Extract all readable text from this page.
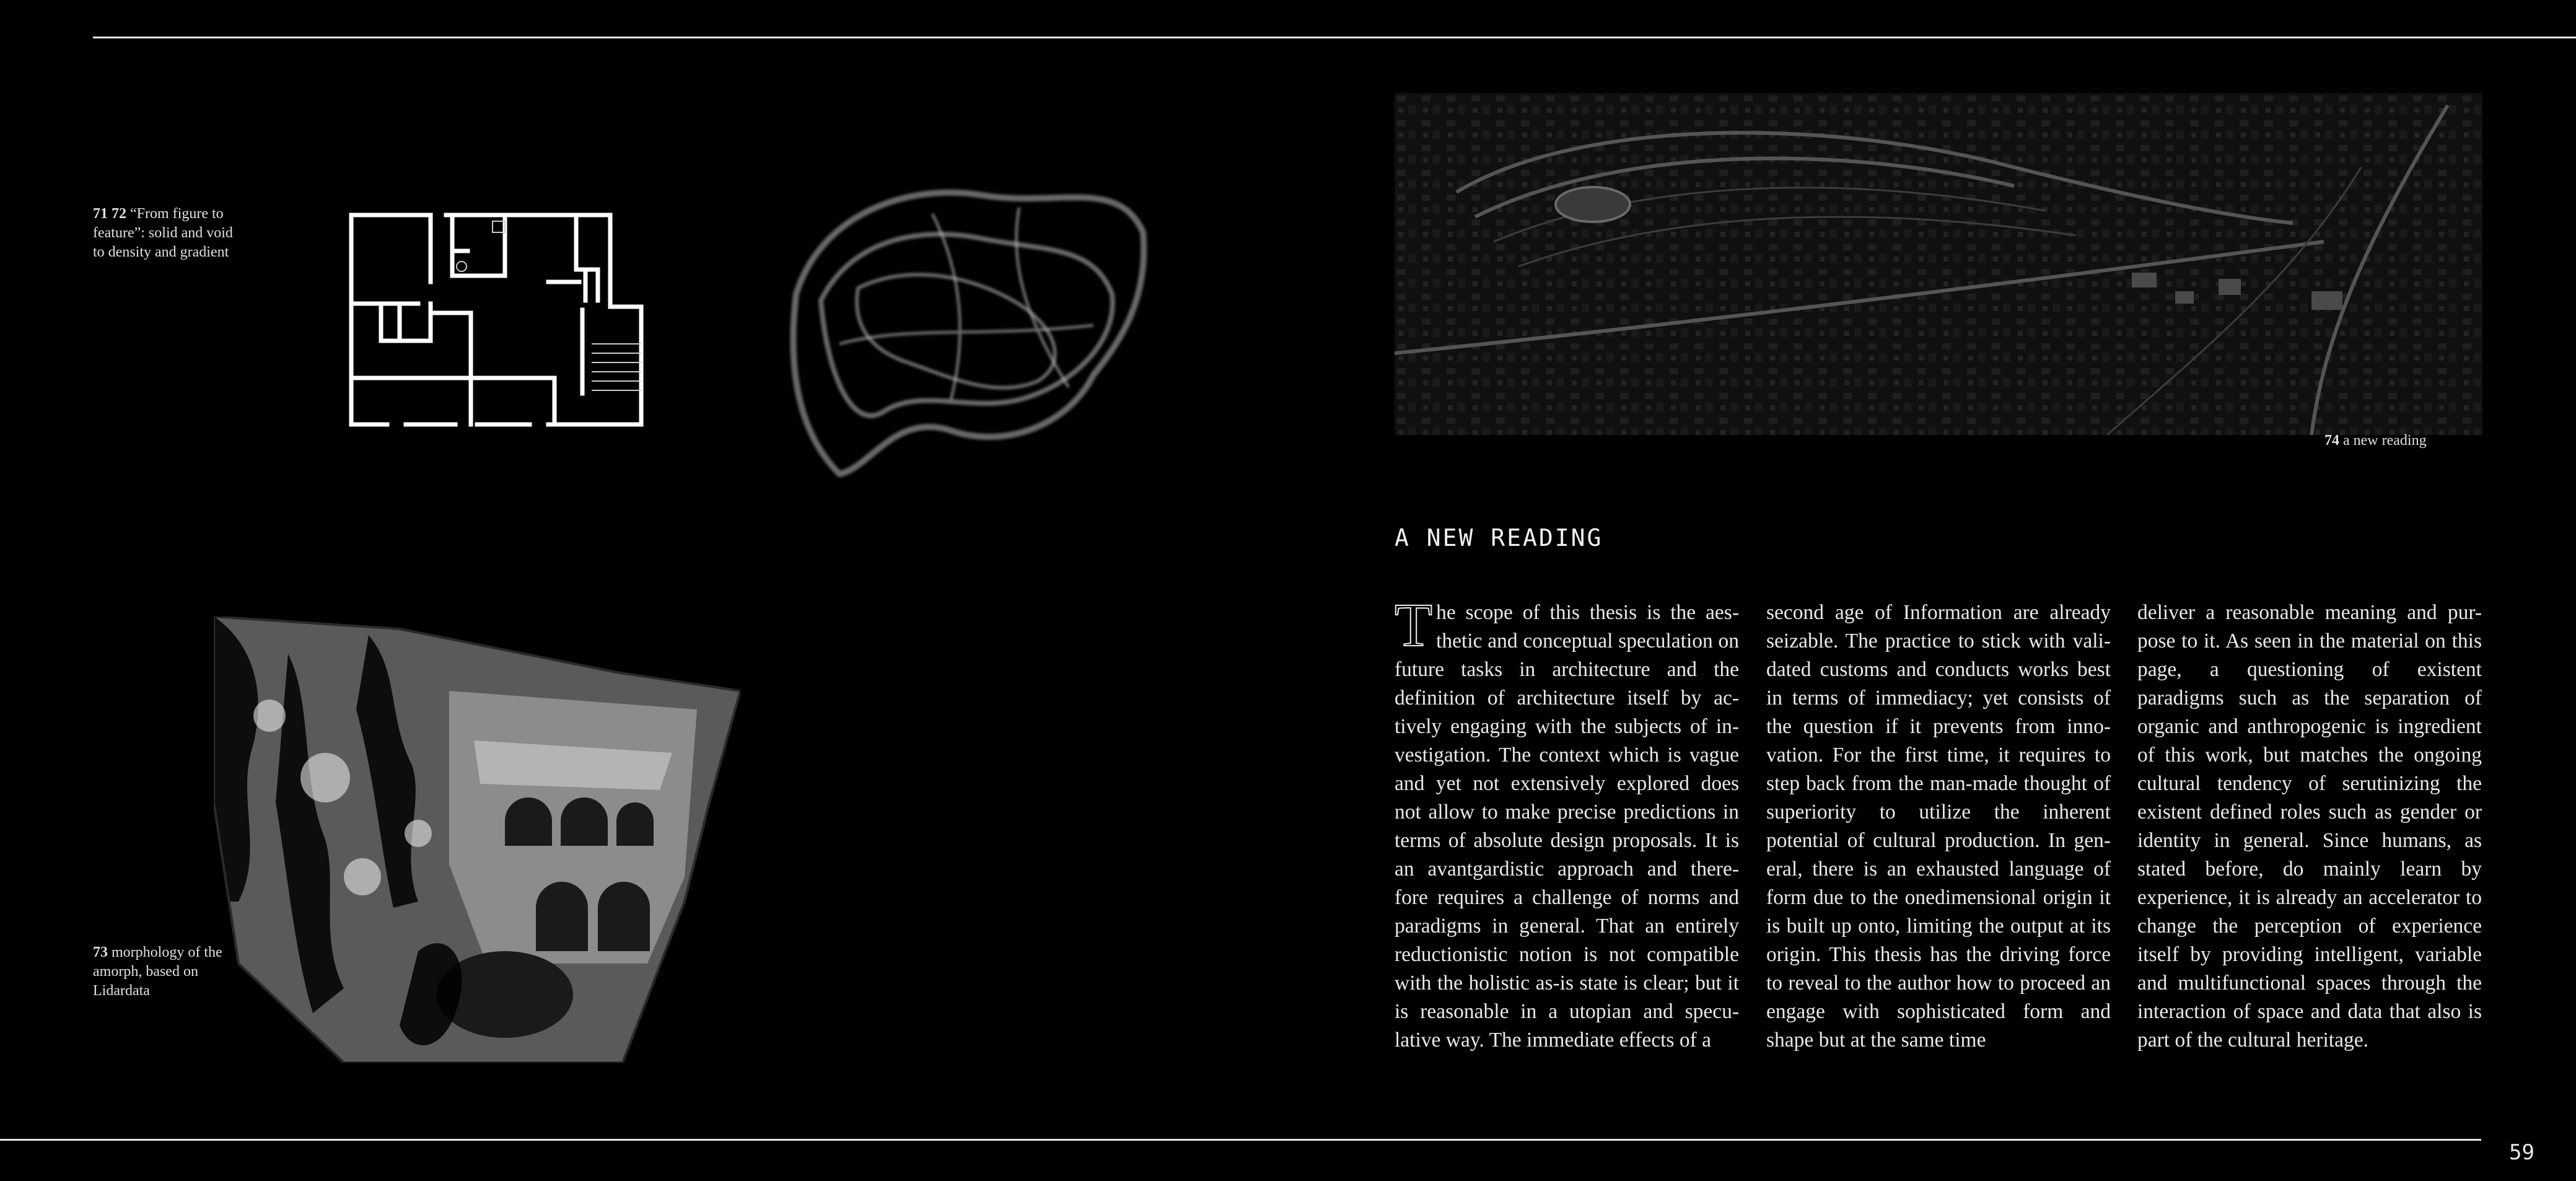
71 72 “From figure to feature”: solid and void to density and gradient
73 morphology of the amorph, based on Lidardata
74 a new reading
A NEW READING
The scope of this thesis is the aes-thetic and conceptual speculation on future tasks in architecture and the definition of architecture itself by ac-tively engaging with the subjects of in-vestigation. The context which is vague and yet not extensively explored does not allow to make precise predictions in terms of absolute design proposals. It is an avantgardistic approach and there-fore requires a challenge of norms and paradigms in general. That an entirely reductionistic notion is not compatible with the holistic as-is state is clear; but it is reasonable in a utopian and specu-lative way. The immediate effects of a
second age of Information are already seizable. The practice to stick with vali-dated customs and conducts works best in terms of immediacy; yet consists of the question if it prevents from inno-vation. For the first time, it requires to step back from the man-made thought of superiority to utilize the inherent potential of cultural production. In gen-eral, there is an exhausted language of form due to the onedimensional origin it is built up onto, limiting the output at its origin. This thesis has the driving force to reveal to the author how to proceed an engage with sophisticated form and shape but at the same time
deliver a reasonable meaning and pur-pose to it. As seen in the material on this page, a questioning of existent paradigms such as the separation of organic and anthropogenic is ingredient of this work, but matches the ongoing cultural tendency of serutinizing the existent defined roles such as gender or identity in general. Since humans, as stated before, do mainly learn by experience, it is already an accelerator to change the perception of experience itself by providing intelligent, variable and multifunctional spaces through the interaction of space and data that also is part of the cultural heritage.
59
